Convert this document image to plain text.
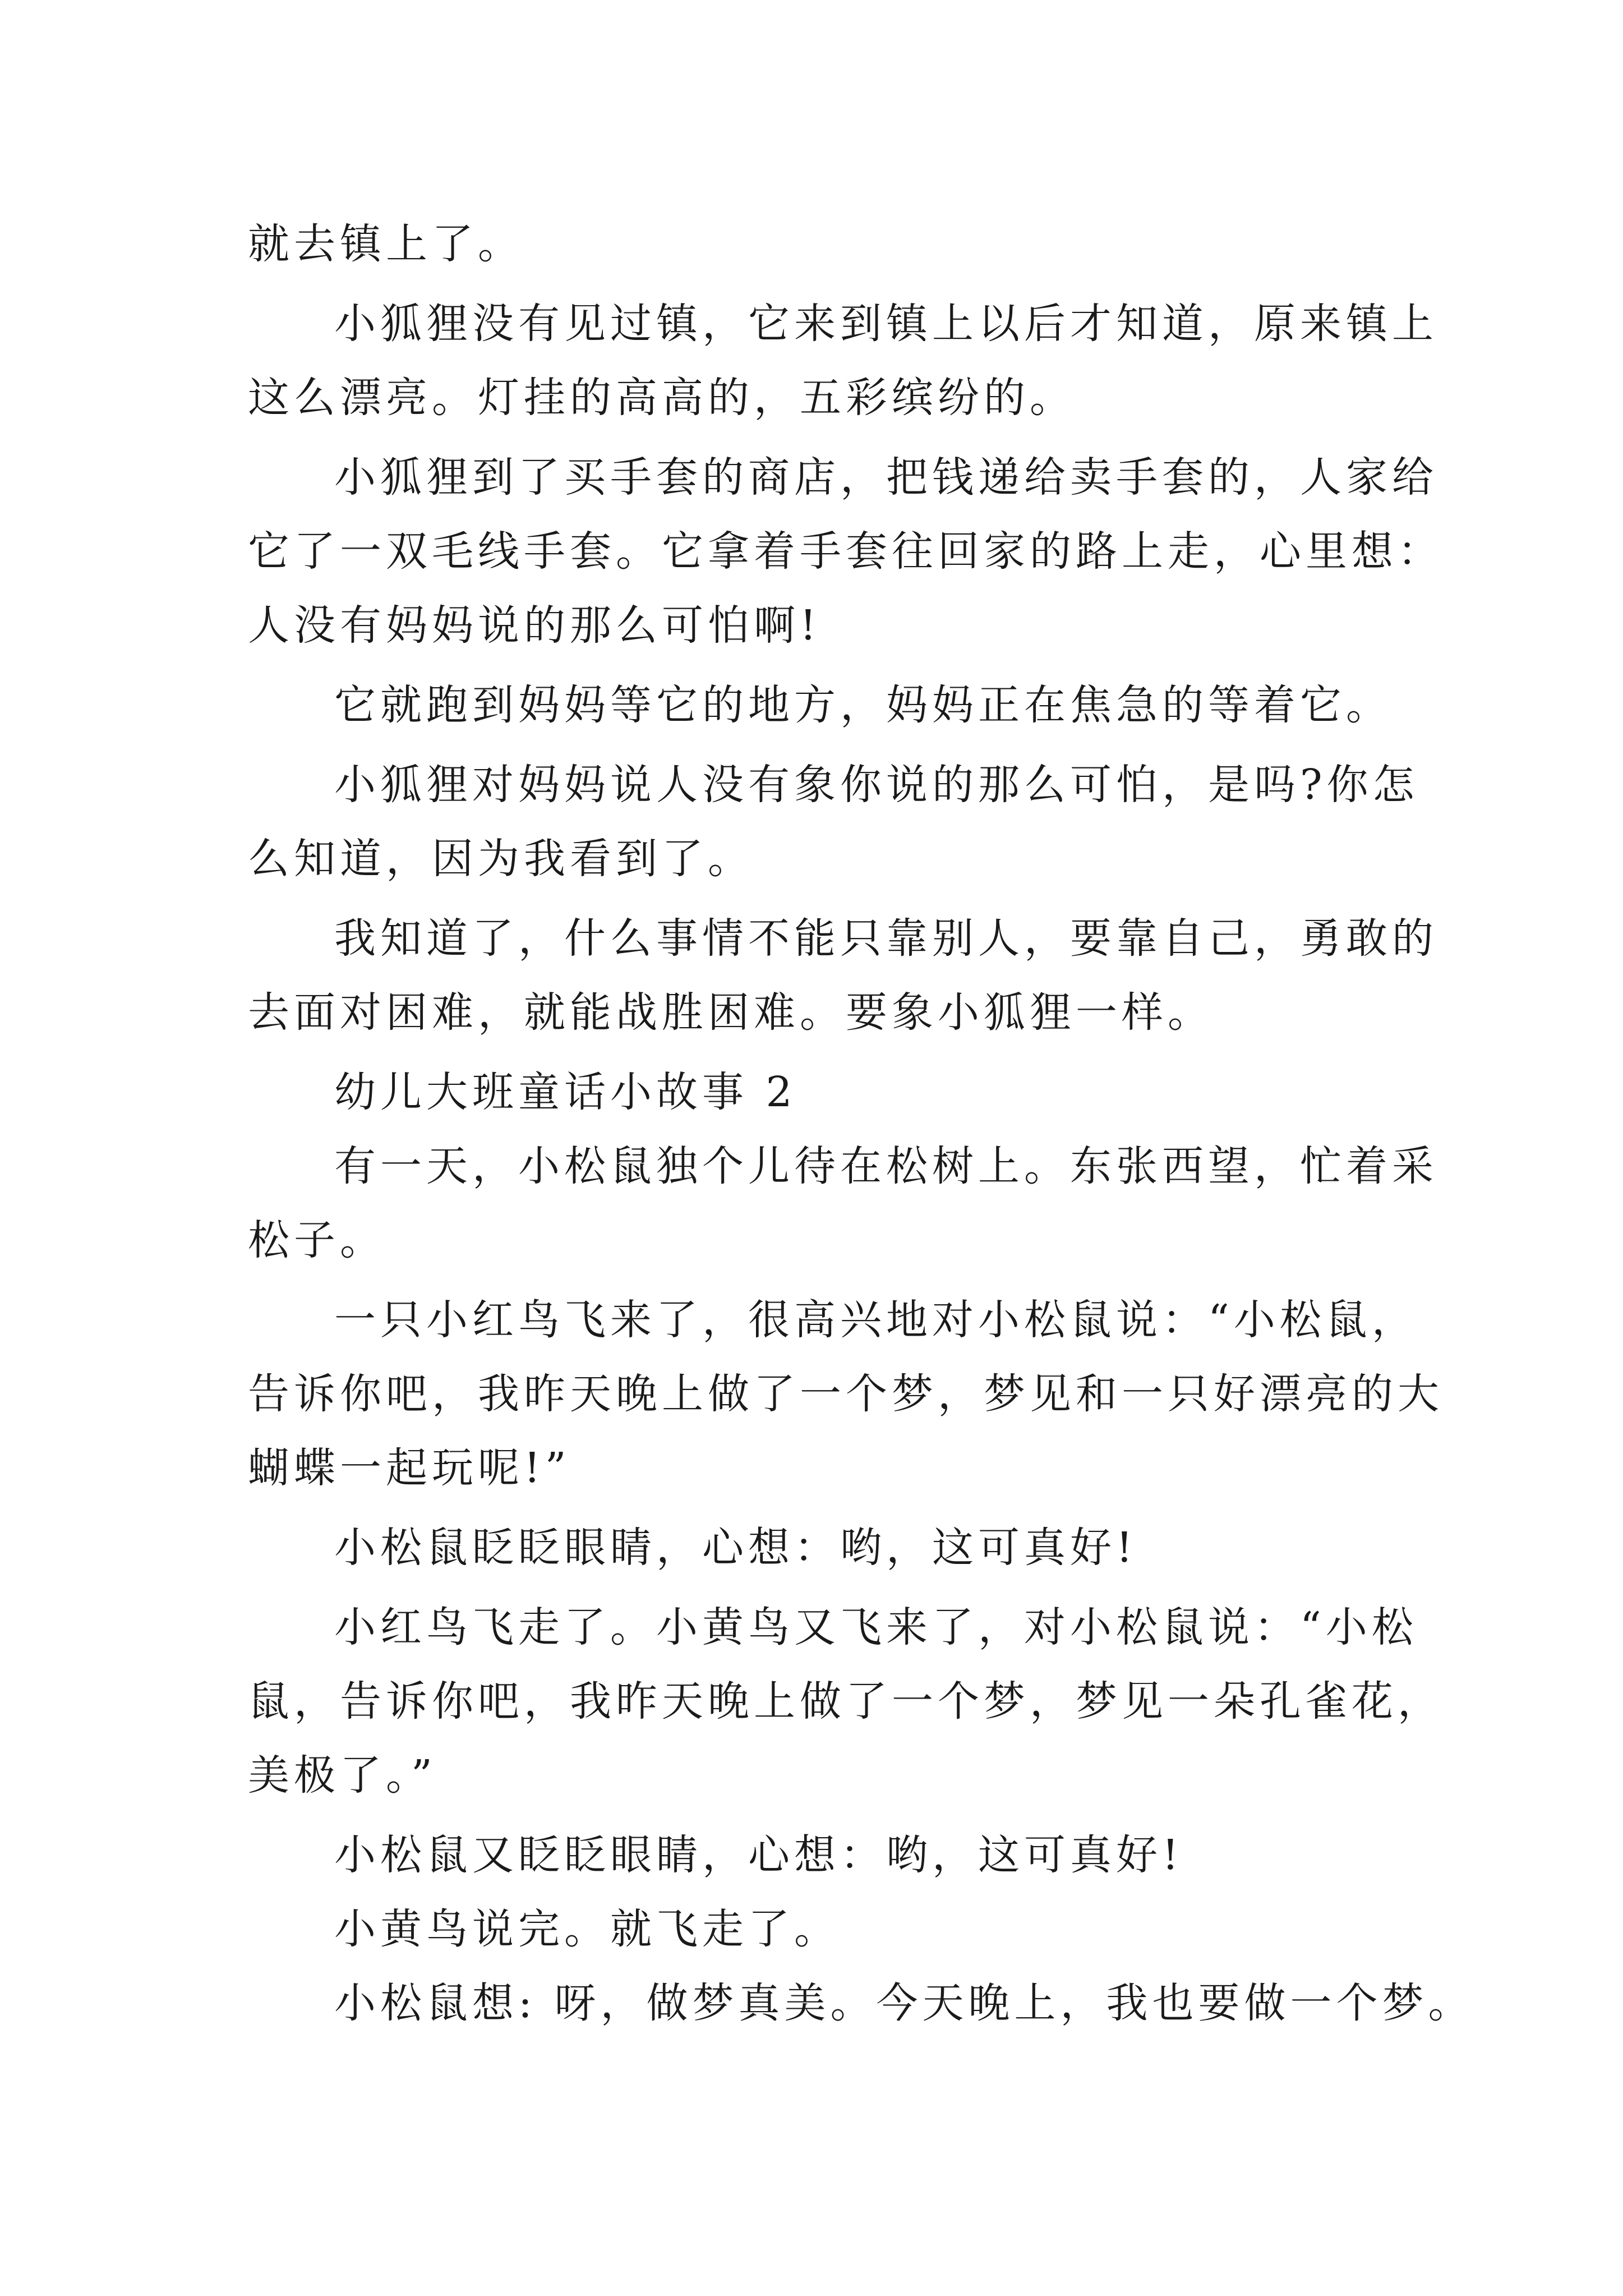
就去镇上了。
小狐狸没有见过镇，它来到镇上以后才知道，原来镇上
这么漂亮。灯挂的高高的，五彩缤纷的。
小狐狸到了买手套的商店，把钱递给卖手套的，人家给
它了一双毛线手套。它拿着手套往回家的路上走，心里想：
人没有妈妈说的那么可怕啊!
它就跑到妈妈等它的地方，妈妈正在焦急的等着它。
小狐狸对妈妈说人没有象你说的那么可怕，是吗?你怎
么知道，因为我看到了。
我知道了，什么事情不能只靠别人，要靠自己，勇敢的
去面对困难，就能战胜困难。要象小狐狸一样。
幼儿大班童话小故事 2
有一天，小松鼠独个儿待在松树上。东张西望，忙着采
松子。
一只小红鸟飞来了，很高兴地对小松鼠说：“小松鼠，
告诉你吧，我昨天晚上做了一个梦，梦见和一只好漂亮的大
蝴蝶一起玩呢!”
小松鼠眨眨眼睛，心想：哟，这可真好!
小红鸟飞走了。小黄鸟又飞来了，对小松鼠说：“小松
鼠，告诉你吧，我昨天晚上做了一个梦，梦见一朵孔雀花，
美极了。”
小松鼠又眨眨眼睛，心想：哟，这可真好!
小黄鸟说完。就飞走了。
小松鼠想: 呀，做梦真美。今天晚上，我也要做一个梦。
